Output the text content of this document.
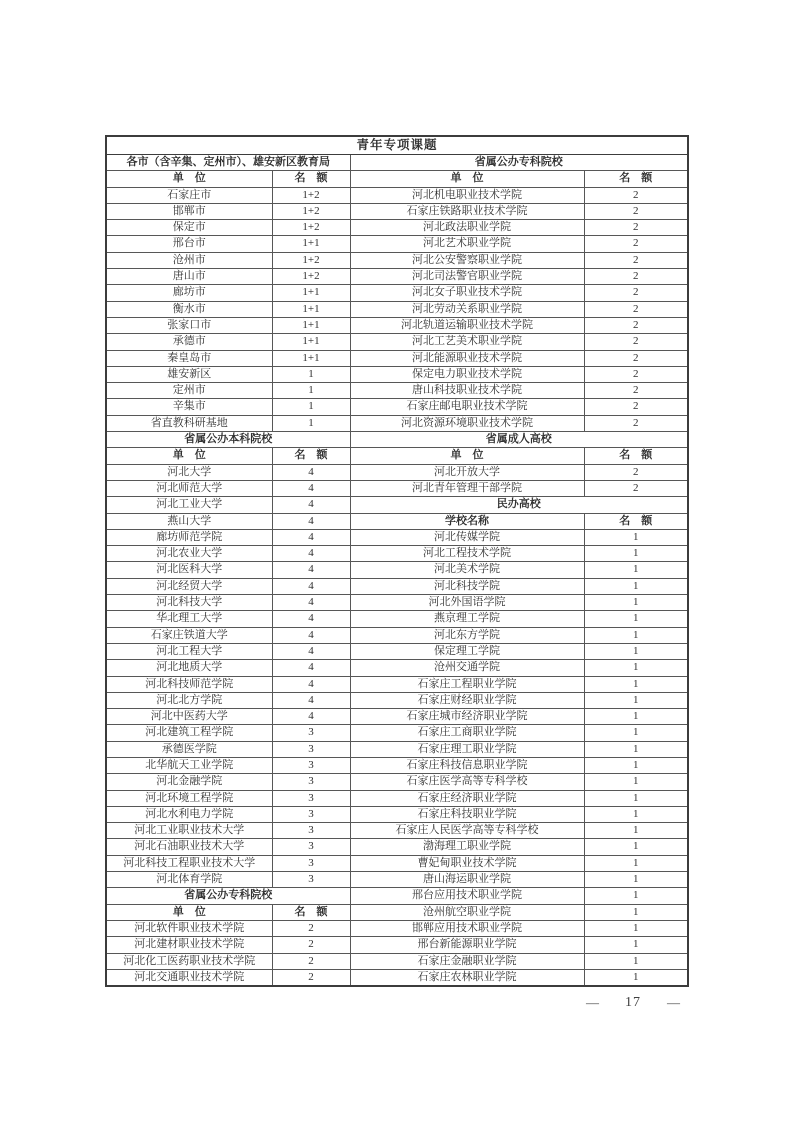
青年专项课题			
各市（含辛集、定州市）、雄安新区教育局		省属公办专科院校	
单　位	名　额	单　位	名　额
石家庄市	1+2	河北机电职业技术学院	2
邯郸市	1+2	石家庄铁路职业技术学院	2
保定市	1+2	河北政法职业学院	2
邢台市	1+1	河北艺术职业学院	2
沧州市	1+2	河北公安警察职业学院	2
唐山市	1+2	河北司法警官职业学院	2
廊坊市	1+1	河北女子职业技术学院	2
衡水市	1+1	河北劳动关系职业学院	2
张家口市	1+1	河北轨道运输职业技术学院	2
承德市	1+1	河北工艺美术职业学院	2
秦皇岛市	1+1	河北能源职业技术学院	2
雄安新区	1	保定电力职业技术学院	2
定州市	1	唐山科技职业技术学院	2
辛集市	1	石家庄邮电职业技术学院	2
省直教科研基地	1	河北资源环境职业技术学院	2
省属公办本科院校		省属成人高校	
单　位	名　额	单　位	名　额
河北大学	4	河北开放大学	2
河北师范大学	4	河北青年管理干部学院	2
河北工业大学	4	民办高校	
燕山大学	4	学校名称	名　额
廊坊师范学院	4	河北传媒学院	1
河北农业大学	4	河北工程技术学院	1
河北医科大学	4	河北美术学院	1
河北经贸大学	4	河北科技学院	1
河北科技大学	4	河北外国语学院	1
华北理工大学	4	燕京理工学院	1
石家庄铁道大学	4	河北东方学院	1
河北工程大学	4	保定理工学院	1
河北地质大学	4	沧州交通学院	1
河北科技师范学院	4	石家庄工程职业学院	1
河北北方学院	4	石家庄财经职业学院	1
河北中医药大学	4	石家庄城市经济职业学院	1
河北建筑工程学院	3	石家庄工商职业学院	1
承德医学院	3	石家庄理工职业学院	1
北华航天工业学院	3	石家庄科技信息职业学院	1
河北金融学院	3	石家庄医学高等专科学校	1
河北环境工程学院	3	石家庄经济职业学院	1
河北水利电力学院	3	石家庄科技职业学院	1
河北工业职业技术大学	3	石家庄人民医学高等专科学校	1
河北石油职业技术大学	3	渤海理工职业学院	1
河北科技工程职业技术大学	3	曹妃甸职业技术学院	1
河北体育学院	3	唐山海运职业学院	1
省属公办专科院校		邢台应用技术职业学院	1
单　位	名　额	沧州航空职业学院	1
河北软件职业技术学院	2	邯郸应用技术职业学院	1
河北建材职业技术学院	2	邢台新能源职业学院	1
河北化工医药职业技术学院	2	石家庄金融职业学院	1
河北交通职业技术学院	2	石家庄农林职业学院	1
— 17 —
